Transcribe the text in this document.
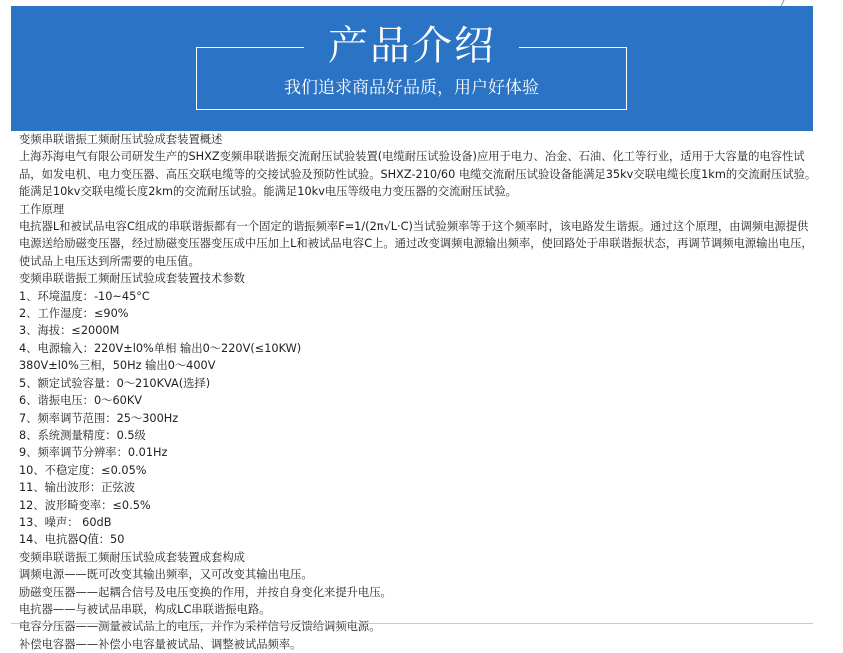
产品介绍
我们追求商品好品质，用户好体验

变频串联谐振工频耐压试验成套装置概述

上海苏海电气有限公司研发生产的SHXZ变频串联谐振交流耐压试验装置(电缆耐压试验设备)应用于电力、冶金、石油、化工等行业，适用于大容量的电容性试品，如发电机、电力变压器、高压交联电缆等的交接试验及预防性试验。SHXZ-210/60 电缆交流耐压试验设备能满足35kv交联电缆长度1km的交流耐压试验。能满足10kv交联电缆长度2km的交流耐压试验。能满足10kv电压等级电力变压器的交流耐压试验。

工作原理

电抗器L和被试品电容C组成的串联谐振都有一个固定的谐振频率F=1/(2π√L·C)当试验频率等于这个频率时，该电路发生谐振。通过这个原理，由调频电源提供电源送给励磁变压器，经过励磁变压器变压成中压加上L和被试品电容C上。通过改变调频电源输出频率，使回路处于串联谐振状态，再调节调频电源输出电压，使试品上电压达到所需要的电压值。

变频串联谐振工频耐压试验成套装置技术参数

1、环境温度：-10~45°C

2、工作湿度：≤90%

3、海拔：≤2000M

4、电源输入：220V±l0%单相 输出0～220V(≤10KW)

380V±l0%三相，50Hz 输出0～400V

5、额定试验容量：0～210KVA(选择)

6、谐振电压：0～60KV

7、频率调节范围：25～300Hz

8、系统测量精度：0.5级

9、频率调节分辨率：0.01Hz

10、不稳定度：≤0.05%

11、输出波形：正弦波

12、波形畸变率：≤0.5%

13、噪声： 60dB

14、电抗器Q值：50

变频串联谐振工频耐压试验成套装置成套构成

调频电源——既可改变其输出频率，又可改变其输出电压。

励磁变压器——起耦合信号及电压变换的作用，并按自身变化来提升电压。

电抗器——与被试品串联，构成LC串联谐振电路。

电容分压器——测量被试品上的电压，并作为采样信号反馈给调频电源。

补偿电容器——补偿小电容量被试品、调整被试品频率。
